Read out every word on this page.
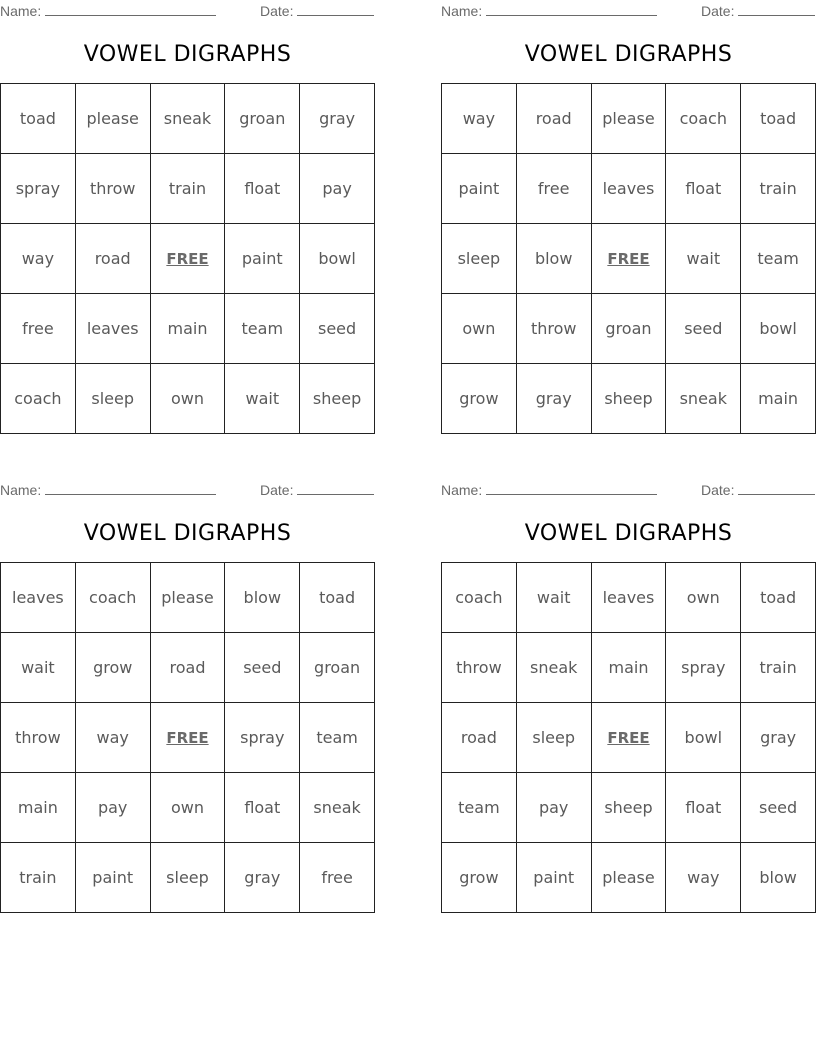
Name:	Date:
VOWEL DIGRAPHS
toad	please	sneak	groan	gray
spray	throw	train	float	pay
way	road	FREE	paint	bowl
free	leaves	main	team	seed
coach	sleep	own	wait	sheep
Name:	Date:
VOWEL DIGRAPHS
way	road	please	coach	toad
paint	free	leaves	float	train
sleep	blow	FREE	wait	team
own	throw	groan	seed	bowl
grow	gray	sheep	sneak	main
Name:	Date:
VOWEL DIGRAPHS
leaves	coach	please	blow	toad
wait	grow	road	seed	groan
throw	way	FREE	spray	team
main	pay	own	float	sneak
train	paint	sleep	gray	free
Name:	Date:
VOWEL DIGRAPHS
coach	wait	leaves	own	toad
throw	sneak	main	spray	train
road	sleep	FREE	bowl	gray
team	pay	sheep	float	seed
grow	paint	please	way	blow
